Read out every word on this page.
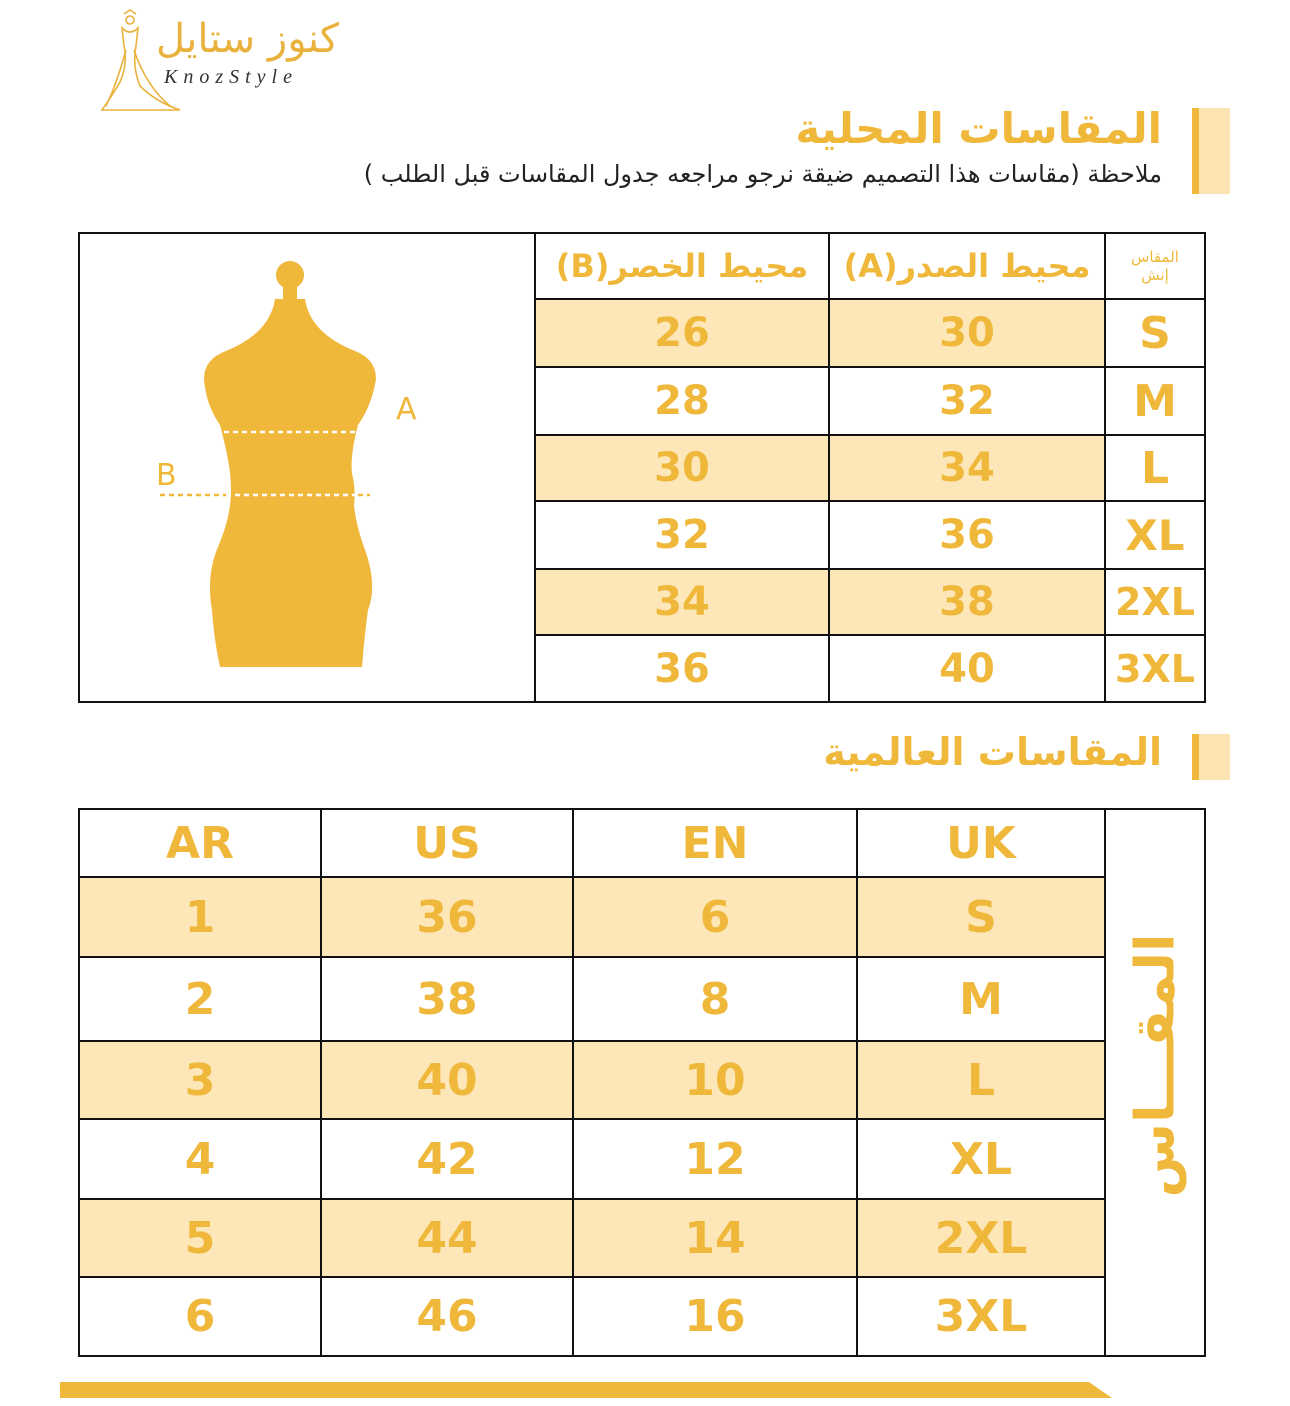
كنوز ستايل
KnozStyle
المقاسات المحلية
ملاحظة (مقاسات هذا التصميم ضيقة نرجو مراجعه جدول المقاسات قبل الطلب )
A
B
محيط الخصر(B)	محيط الصدر(A)	المقاس
إنش
26	30	S
28	32	M
30	34	L
32	36	XL
34	38	2XL
36	40	3XL
المقاسات العالمية
AR	US	EN	UK
1	36	6	S
2	38	8	M
3	40	10	L
4	42	12	XL
5	44	14	2XL
6	46	16	3XL
المقـــاس
